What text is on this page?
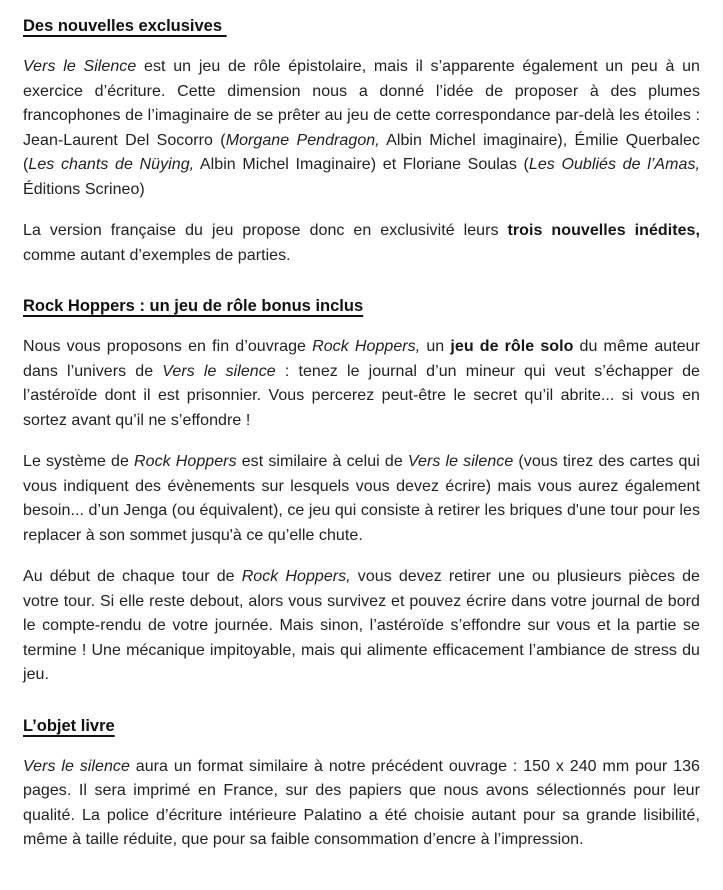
Des nouvelles exclusives

Vers le Silence est un jeu de rôle épistolaire, mais il s’apparente également un peu à un exercice d’écriture. Cette dimension nous a donné l’idée de proposer à des plumes francophones de l’imaginaire de se prêter au jeu de cette correspondance par-delà les étoiles : Jean-Laurent Del Socorro (Morgane Pendragon, Albin Michel imaginaire), Émilie Querbalec (Les chants de Nüying, Albin Michel Imaginaire) et Floriane Soulas (Les Oubliés de l’Amas, Éditions Scrineo)

La version française du jeu propose donc en exclusivité leurs trois nouvelles inédites, comme autant d’exemples de parties.

Rock Hoppers : un jeu de rôle bonus inclus

Nous vous proposons en fin d’ouvrage Rock Hoppers, un jeu de rôle solo du même auteur dans l’univers de Vers le silence : tenez le journal d’un mineur qui veut s’échapper de l’astéroïde dont il est prisonnier. Vous percerez peut-être le secret qu’il abrite... si vous en sortez avant qu’il ne s’effondre !

Le système de Rock Hoppers est similaire à celui de Vers le silence (vous tirez des cartes qui vous indiquent des évènements sur lesquels vous devez écrire) mais vous aurez également besoin... d’un Jenga (ou équivalent), ce jeu qui consiste à retirer les briques d'une tour pour les replacer à son sommet jusqu'à ce qu’elle chute.

Au début de chaque tour de Rock Hoppers, vous devez retirer une ou plusieurs pièces de votre tour. Si elle reste debout, alors vous survivez et pouvez écrire dans votre journal de bord le compte-rendu de votre journée. Mais sinon, l’astéroïde s’effondre sur vous et la partie se termine ! Une mécanique impitoyable, mais qui alimente efficacement l’ambiance de stress du jeu.

L’objet livre

Vers le silence aura un format similaire à notre précédent ouvrage : 150 x 240 mm pour 136 pages. Il sera imprimé en France, sur des papiers que nous avons sélectionnés pour leur qualité. La police d’écriture intérieure Palatino a été choisie autant pour sa grande lisibilité, même à taille réduite, que pour sa faible consommation d’encre à l’impression.
